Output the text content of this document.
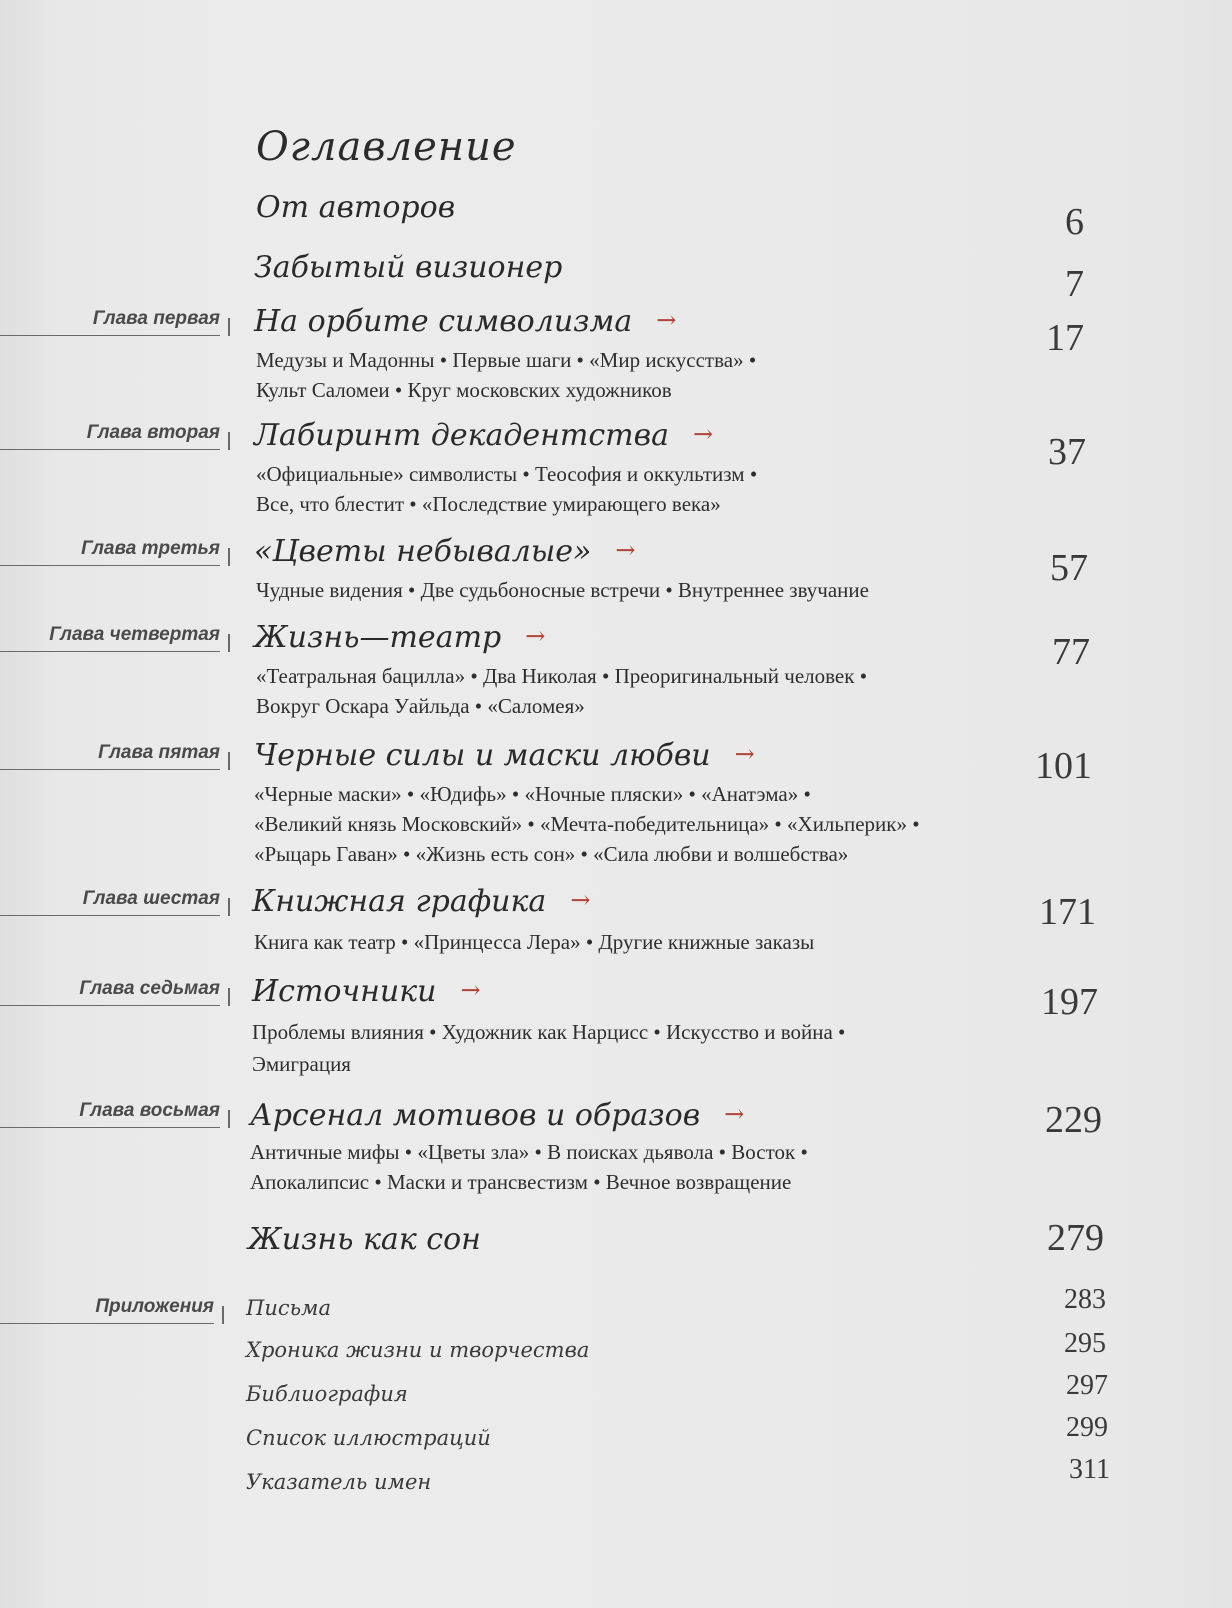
Оглавление
От авторов	6
Забытый визионер	7
Глава первая На орбите символизма →	17
Медузы и Мадонны • Первые шаги • «Мир искусства» •
Культ Саломеи • Круг московских художников
Глава вторая Лабиринт декадентства →	37
«Официальные» символисты • Теософия и оккультизм •
Все, что блестит • «Последствие умирающего века»
Глава третья «Цветы небывалые» →	57
Чудные видения • Две судьбоносные встречи • Внутреннее звучание
Глава четвертая Жизнь—театр →	77
«Театральная бацилла» • Два Николая • Преоригинальный человек •
Вокруг Оскара Уайльда • «Саломея»
Глава пятая Черные силы и маски любви →	101
«Черные маски» • «Юдифь» • «Ночные пляски» • «Анатэма» •
«Великий князь Московский» • «Мечта-победительница» • «Хильперик» •
«Рыцарь Гаван» • «Жизнь есть сон» • «Сила любви и волшебства»
Глава шестая Книжная графика →	171
Книга как театр • «Принцесса Лера» • Другие книжные заказы
Глава седьмая Источники →	197
Проблемы влияния • Художник как Нарцисс • Искусство и война •
Эмиграция
Глава восьмая Арсенал мотивов и образов →	229
Античные мифы • «Цветы зла» • В поисках дьявола • Восток •
Апокалипсис • Маски и трансвестизм • Вечное возвращение
Жизнь как сон	279
Приложения Письма	283
Хроника жизни и творчества	295
Библиография	297
Список иллюстраций	299
Указатель имен	311
